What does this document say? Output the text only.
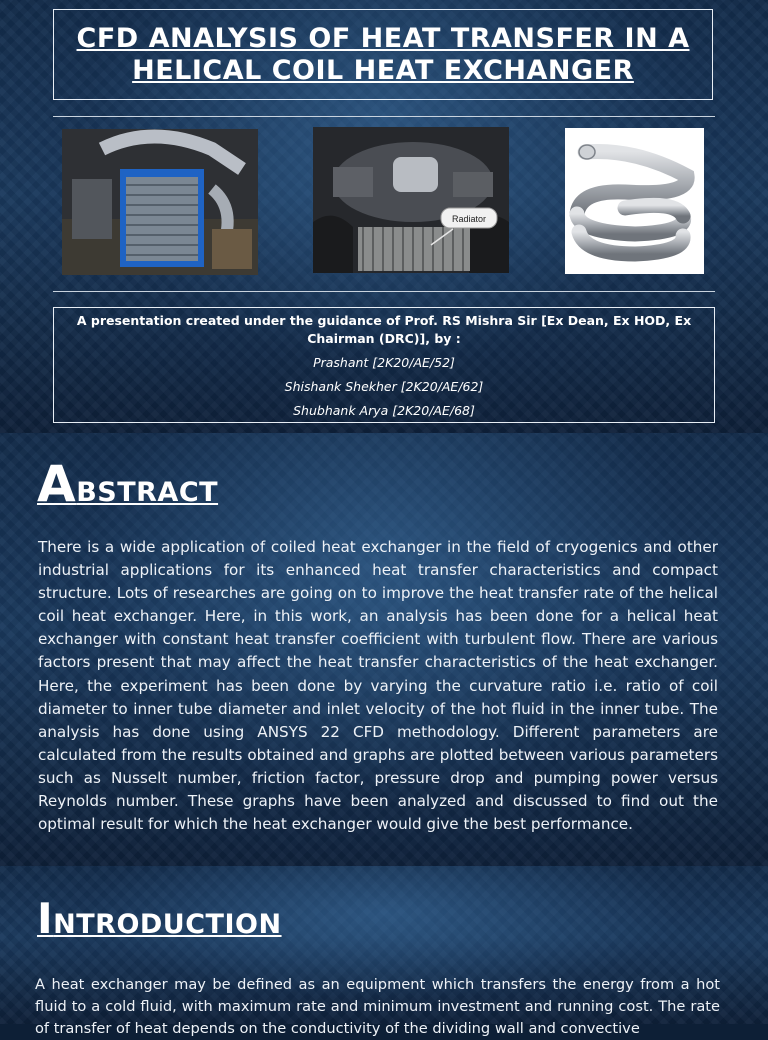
CFD ANALYSIS OF HEAT TRANSFER IN A HELICAL COIL HEAT EXCHANGER
Radiator

A presentation created under the guidance of Prof. RS Mishra Sir [Ex Dean, Ex HOD, Ex Chairman (DRC)], by :

Prashant [2K20/AE/52]

Shishank Shekher [2K20/AE/62]

Shubhank Arya [2K20/AE/68]

ABSTRACT

There is a wide application of coiled heat exchanger in the field of cryogenics and other industrial applications for its enhanced heat transfer characteristics and compact structure. Lots of researches are going on to improve the heat transfer rate of the helical coil heat exchanger. Here, in this work, an analysis has been done for a helical heat exchanger with constant heat transfer coefficient with turbulent flow. There are various factors present that may affect the heat transfer characteristics of the heat exchanger. Here, the experiment has been done by varying the curvature ratio i.e. ratio of coil diameter to inner tube diameter and inlet velocity of the hot fluid in the inner tube. The analysis has done using ANSYS 22 CFD methodology. Different parameters are calculated from the results obtained and graphs are plotted between various parameters such as Nusselt number, friction factor, pressure drop and pumping power versus Reynolds number. These graphs have been analyzed and discussed to find out the optimal result for which the heat exchanger would give the best performance.

INTRODUCTION

A heat exchanger may be defined as an equipment which transfers the energy from a hot fluid to a cold fluid, with maximum rate and minimum investment and running cost. The rate of transfer of heat depends on the conductivity of the dividing wall and convective
